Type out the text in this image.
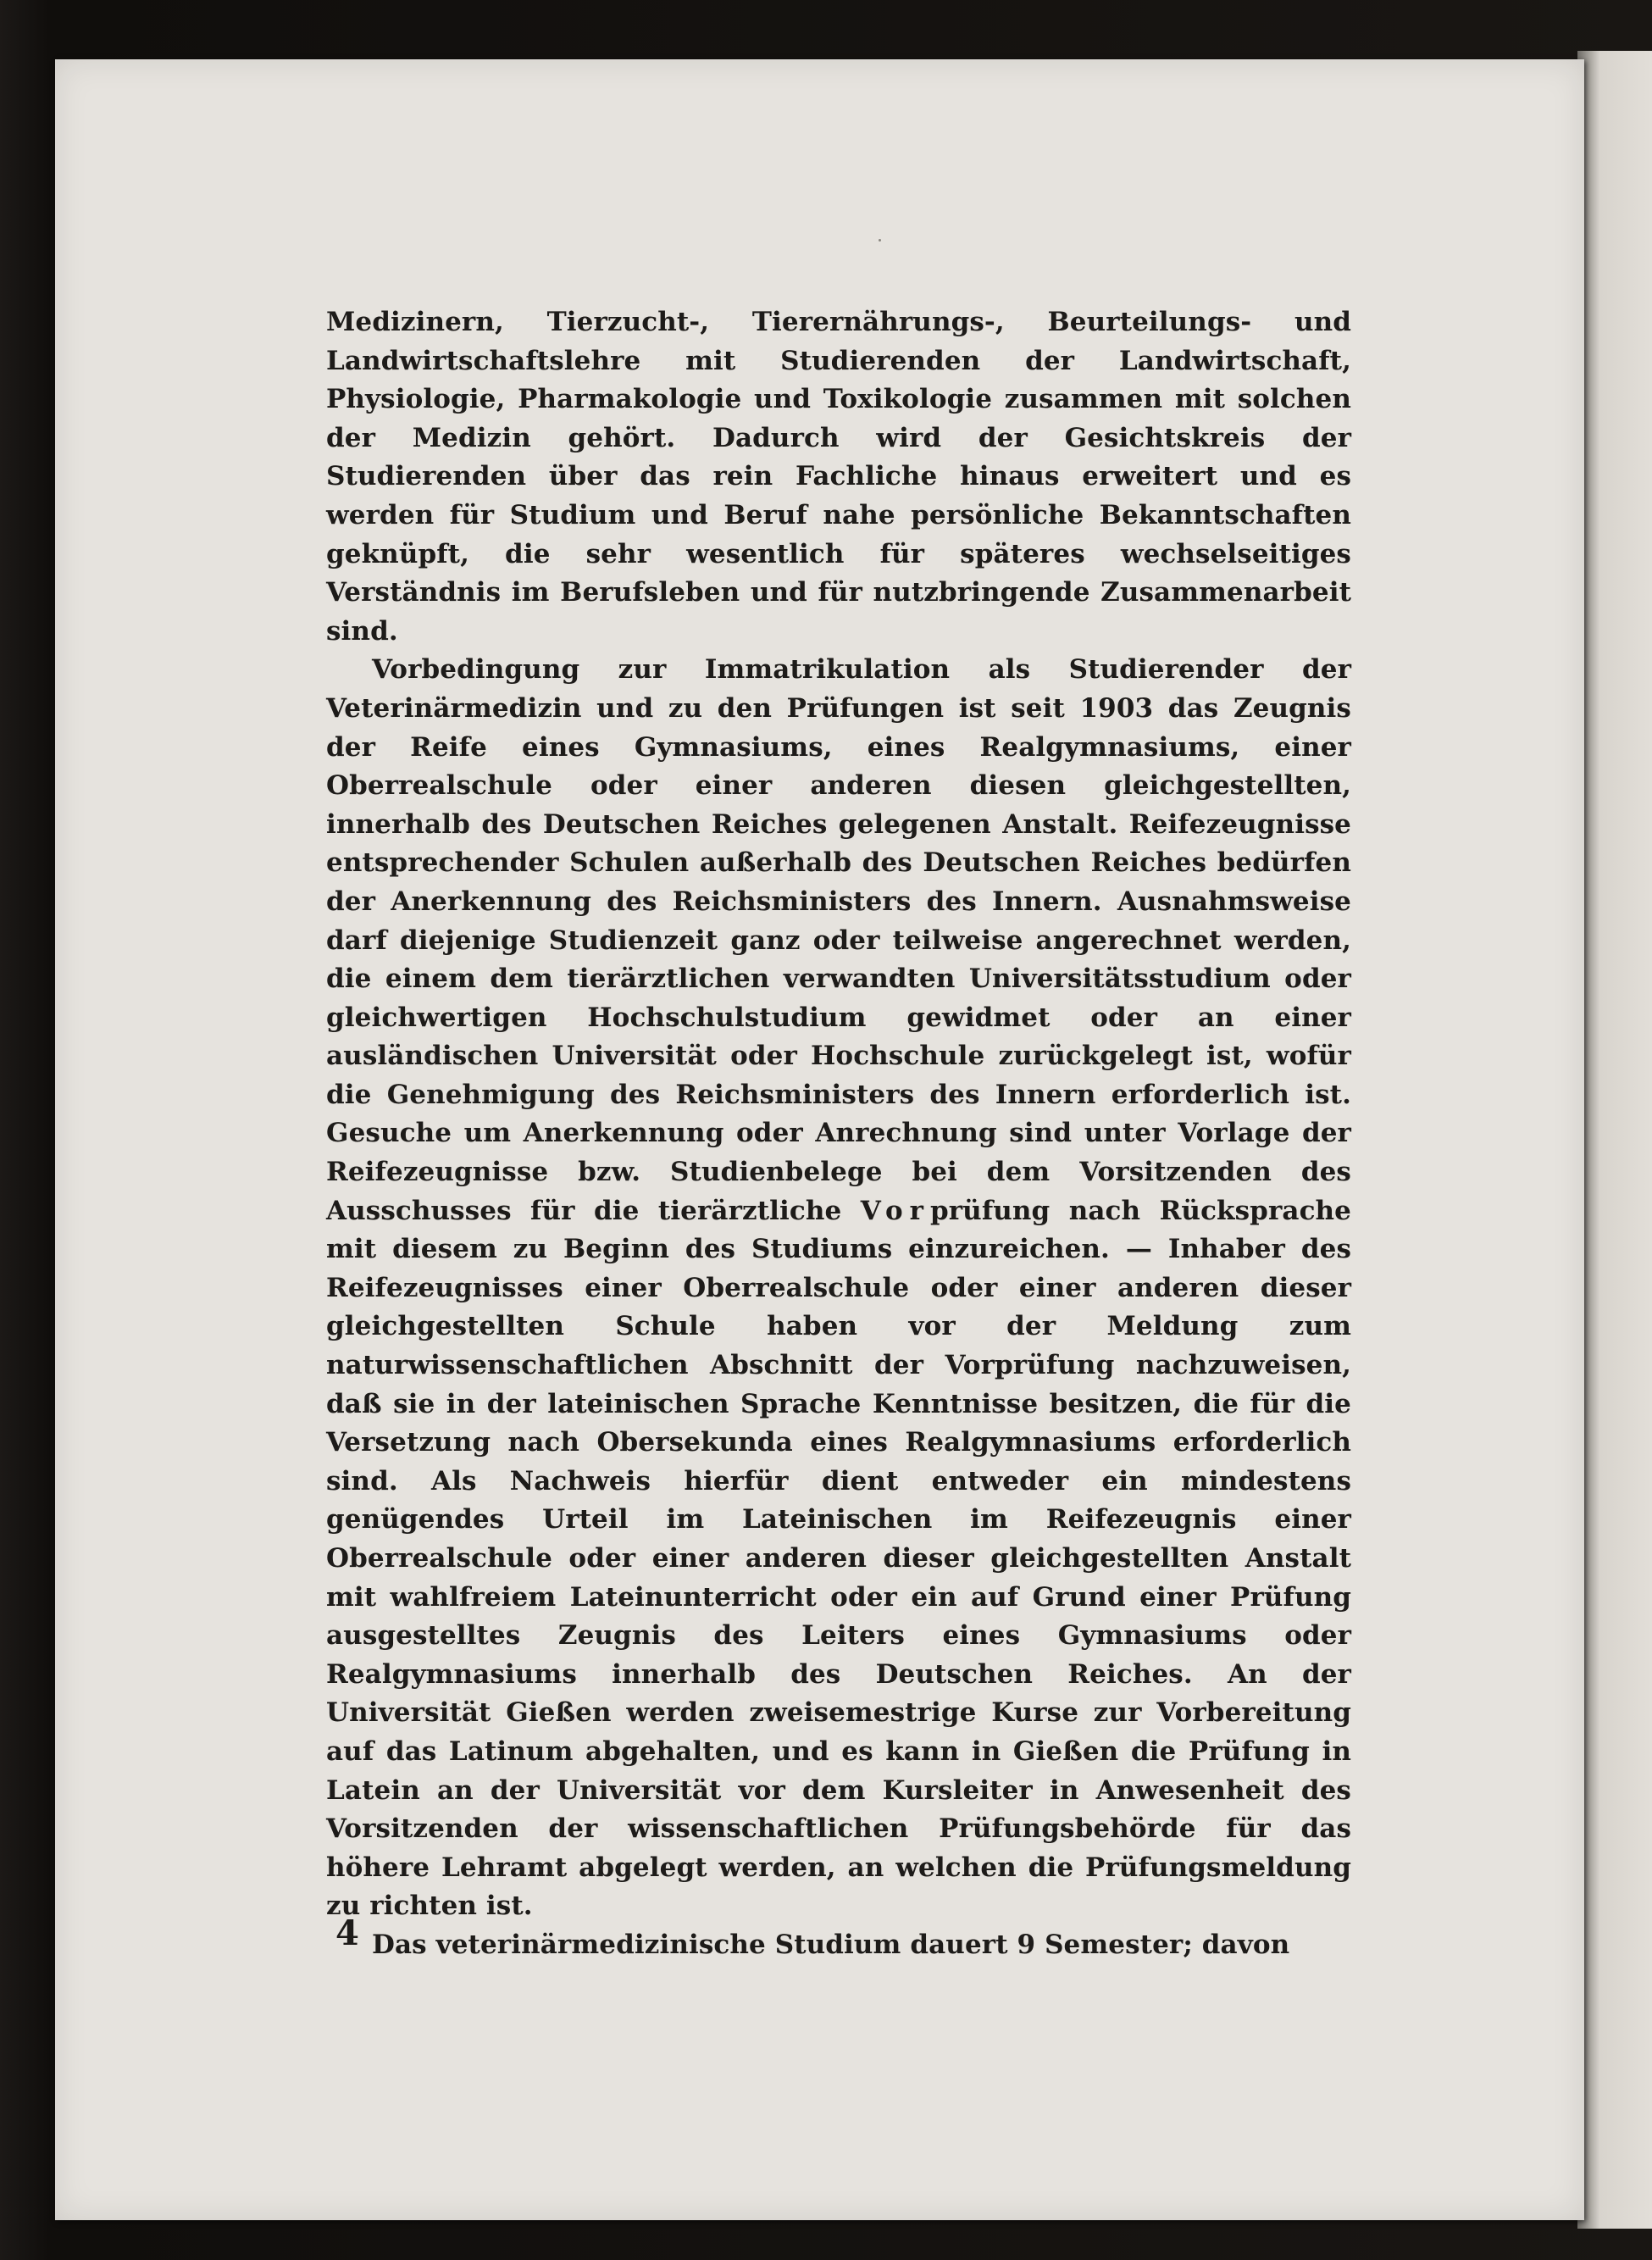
Medizinern, Tierzucht-, Tierernährungs-, Beurteilungs- und Landwirtschaftslehre mit Studierenden der Landwirtschaft, Physiologie, Pharmakologie und Toxikologie zusammen mit solchen der Medizin gehört. Dadurch wird der Gesichtskreis der Studierenden über das rein Fachliche hinaus erweitert und es werden für Studium und Beruf nahe persönliche Bekanntschaften geknüpft, die sehr wesentlich für späteres wechselseitiges Verständnis im Berufsleben und für nutzbringende Zusammenarbeit sind.

Vorbedingung zur Immatrikulation als Studierender der Veterinärmedizin und zu den Prüfungen ist seit 1903 das Zeugnis der Reife eines Gymnasiums, eines Realgymnasiums, einer Oberrealschule oder einer anderen diesen gleichgestellten, innerhalb des Deutschen Reiches gelegenen Anstalt. Reifezeugnisse entsprechender Schulen außerhalb des Deutschen Reiches bedürfen der Anerkennung des Reichsministers des Innern. Ausnahmsweise darf diejenige Studienzeit ganz oder teilweise angerechnet werden, die einem dem tierärztlichen verwandten Universitätsstudium oder gleichwertigen Hochschulstudium gewidmet oder an einer ausländischen Universität oder Hochschule zurückgelegt ist, wofür die Genehmigung des Reichsministers des Innern erforderlich ist. Gesuche um Anerkennung oder Anrechnung sind unter Vorlage der Reifezeugnisse bzw. Studienbelege bei dem Vorsitzenden des Ausschusses für die tierärztliche Vorprüfung nach Rücksprache mit diesem zu Beginn des Studiums einzureichen. — Inhaber des Reifezeugnisses einer Oberrealschule oder einer anderen dieser gleichgestellten Schule haben vor der Meldung zum naturwissenschaftlichen Abschnitt der Vorprüfung nachzuweisen, daß sie in der lateinischen Sprache Kenntnisse besitzen, die für die Versetzung nach Obersekunda eines Realgymnasiums erforderlich sind. Als Nachweis hierfür dient entweder ein mindestens genügendes Urteil im Lateinischen im Reifezeugnis einer Oberrealschule oder einer anderen dieser gleichgestellten Anstalt mit wahlfreiem Lateinunterricht oder ein auf Grund einer Prüfung ausgestelltes Zeugnis des Leiters eines Gymnasiums oder Realgymnasiums innerhalb des Deutschen Reiches. An der Universität Gießen werden zweisemestrige Kurse zur Vorbereitung auf das Latinum abgehalten, und es kann in Gießen die Prüfung in Latein an der Universität vor dem Kursleiter in Anwesenheit des Vorsitzenden der wissenschaftlichen Prüfungsbehörde für das höhere Lehramt abgelegt werden, an welchen die Prüfungsmeldung zu richten ist.

Das veterinärmedizinische Studium dauert 9 Semester; davon

4
